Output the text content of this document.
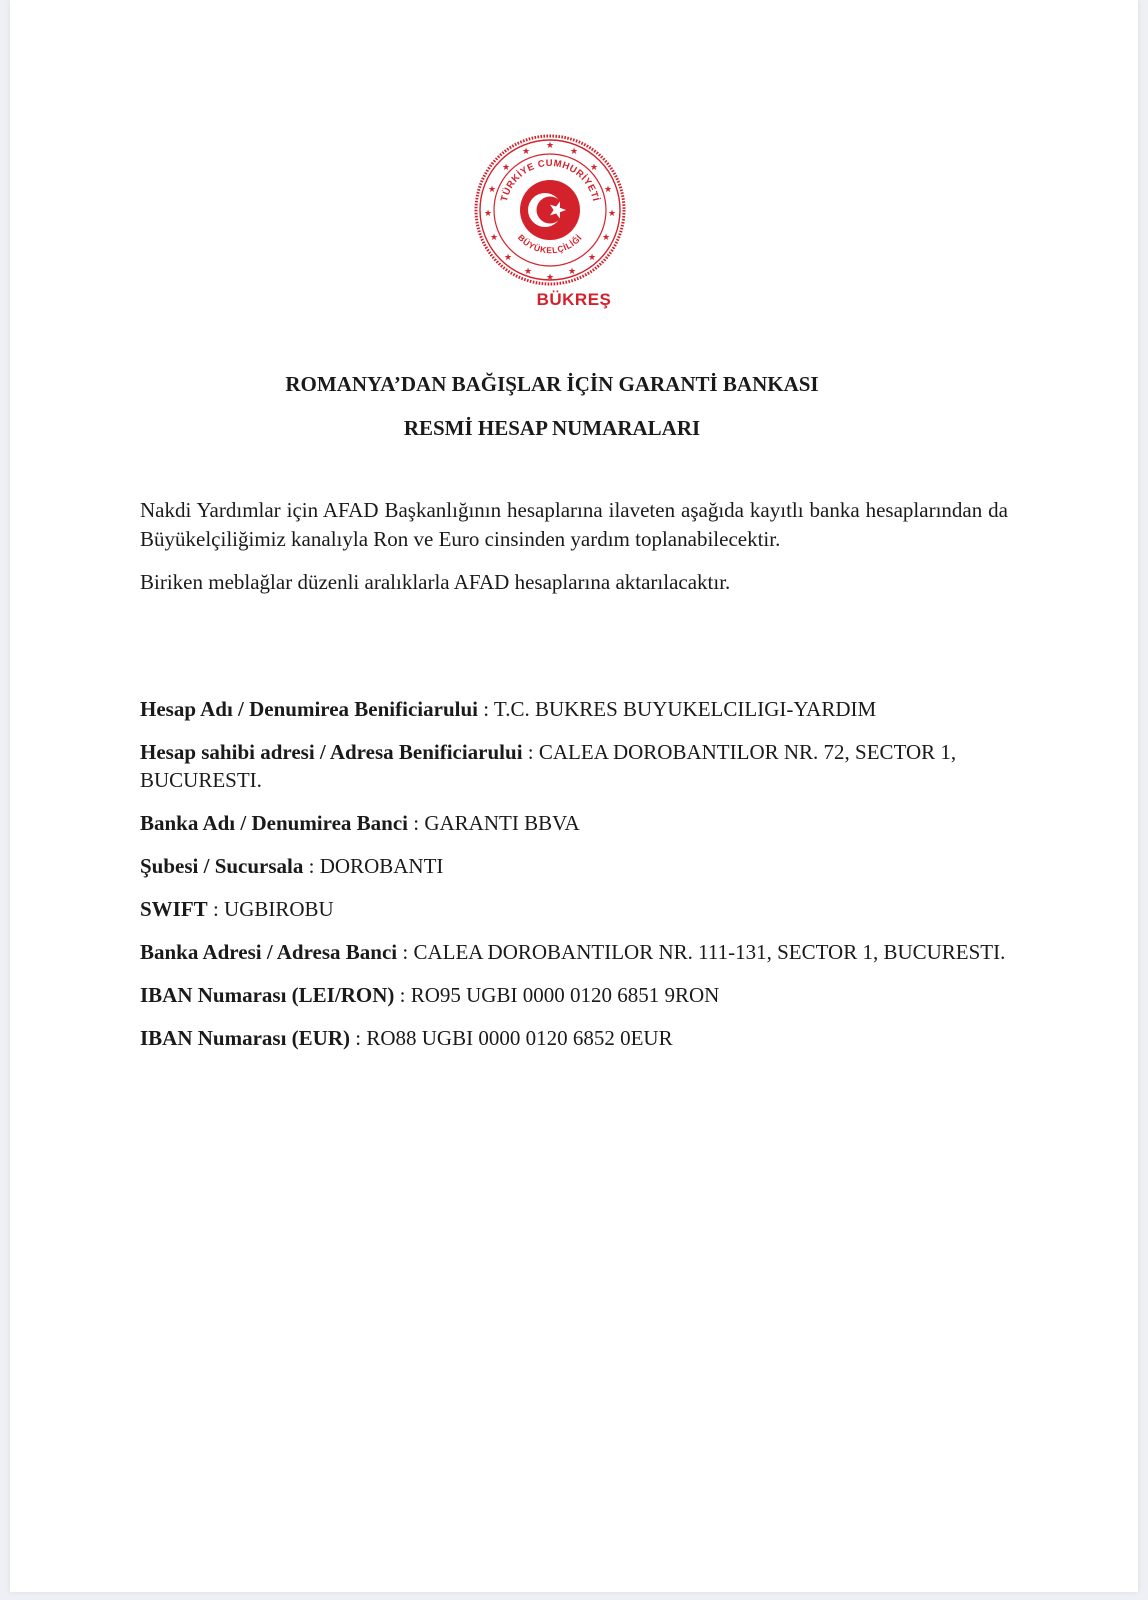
TÜRKİYE CUMHURİYETİ
BÜYÜKELÇİLİĞİ
★
★	★
★	★
★	★
★	★
★	★
★	★
★	★
★
BÜKREŞ
ROMANYA’DAN BAĞIŞLAR İÇİN GARANTİ BANKASI
RESMİ HESAP NUMARALARI

Nakdi Yardımlar için AFAD Başkanlığının hesaplarına ilaveten aşağıda kayıtlı banka hesaplarından da Büyükelçiliğimiz kanalıyla Ron ve Euro cinsinden yardım toplanabilecektir.

Biriken meblağlar düzenli aralıklarla AFAD hesaplarına aktarılacaktır.

Hesap Adı / Denumirea Benificiarului : T.C. BUKRES BUYUKELCILIGI-YARDIM

Hesap sahibi adresi / Adresa Benificiarului : CALEA DOROBANTILOR NR. 72, SECTOR 1, BUCURESTI.

Banka Adı / Denumirea Banci : GARANTI BBVA

Şubesi / Sucursala : DOROBANTI

SWIFT : UGBIROBU

Banka Adresi / Adresa Banci : CALEA DOROBANTILOR NR. 111-131, SECTOR 1, BUCURESTI.

IBAN Numarası (LEI/RON) : RO95 UGBI 0000 0120 6851 9RON

IBAN Numarası (EUR) : RO88 UGBI 0000 0120 6852 0EUR
